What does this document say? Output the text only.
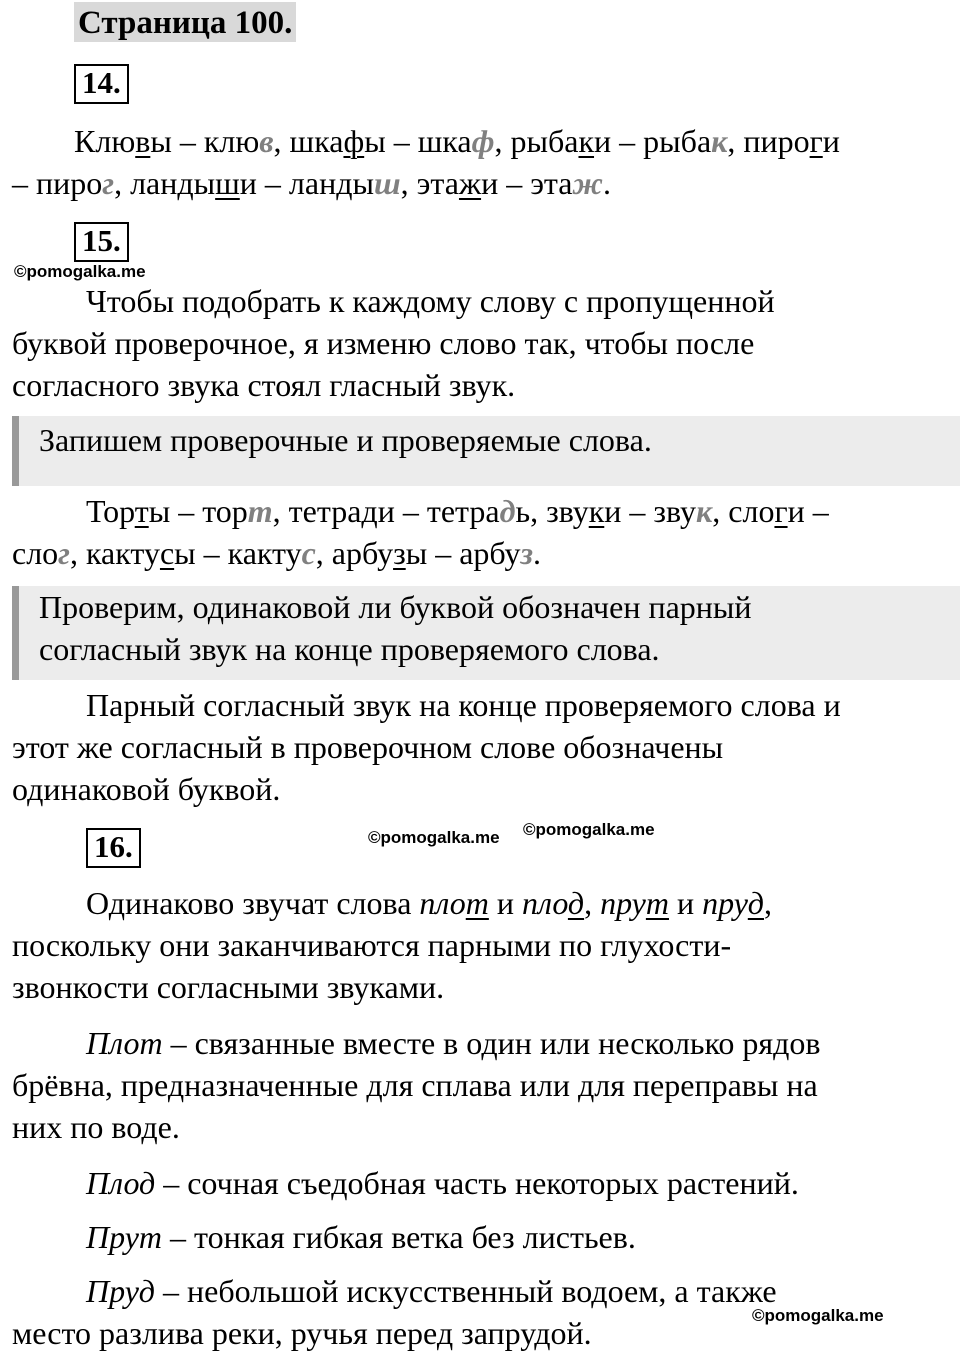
Страница 100.
14.
Клювы – клюв, шкафы – шкаф, рыбаки – рыбак, пироги
– пирог, ландыши – ландыш, этажи – этаж.
15.
©pomogalka.me
Чтобы подобрать к каждому слову с пропущенной
буквой проверочное, я изменю слово так, чтобы после
согласного звука стоял гласный звук.
Запишем проверочные и проверяемые слова.
Торты – торт, тетради – тетрадь, звуки – звук, слоги –
слог, кактусы – кактус, арбузы – арбуз.
Проверим, одинаковой ли буквой обозначен парный
согласный звук на конце проверяемого слова.
Парный согласный звук на конце проверяемого слова и
этот же согласный в проверочном слове обозначены
одинаковой буквой.
16.	©pomogalka.me ©pomogalka.me
Одинаково звучат слова плот и плод, прут и пруд,
поскольку они заканчиваются парными по глухости-
звонкости согласными звуками.
Плот – связанные вместе в один или несколько рядов
брёвна, предназначенные для сплава или для переправы на
них по воде.
Плод – сочная съедобная часть некоторых растений.
Прут – тонкая гибкая ветка без листьев.
Пруд – небольшой искусственный водоем, а также
©pomogalka.me
место разлива реки, ручья перед запрудой.
